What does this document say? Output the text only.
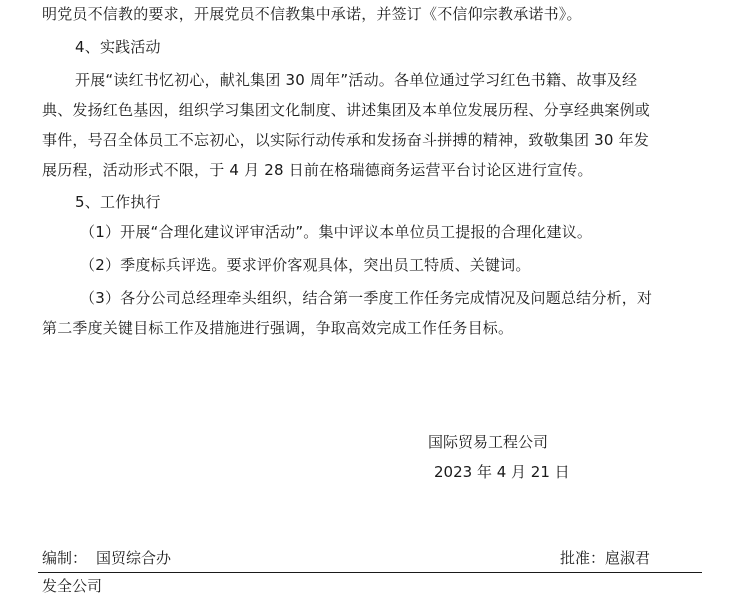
明党员不信教的要求，开展党员不信教集中承诺，并签订《不信仰宗教承诺书》。
4、实践活动
开展“读红书忆初心，献礼集团 30 周年”活动。各单位通过学习红色书籍、故事及经
典、发扬红色基因，组织学习集团文化制度、讲述集团及本单位发展历程、分享经典案例或
事件，号召全体员工不忘初心，以实际行动传承和发扬奋斗拼搏的精神，致敬集团 30 年发
展历程，活动形式不限，于 4 月 28 日前在格瑞德商务运营平台讨论区进行宣传。
5、工作执行
（1）开展“合理化建议评审活动”。集中评议本单位员工提报的合理化建议。
（2）季度标兵评选。要求评价客观具体，突出员工特质、关键词。
（3）各分公司总经理牵头组织，结合第一季度工作任务完成情况及问题总结分析，对
第二季度关键目标工作及措施进行强调，争取高效完成工作任务目标。
国际贸易工程公司
2023 年 4 月 21 日
编制： 国贸综合办	批准： 扈淑君
发全公司
